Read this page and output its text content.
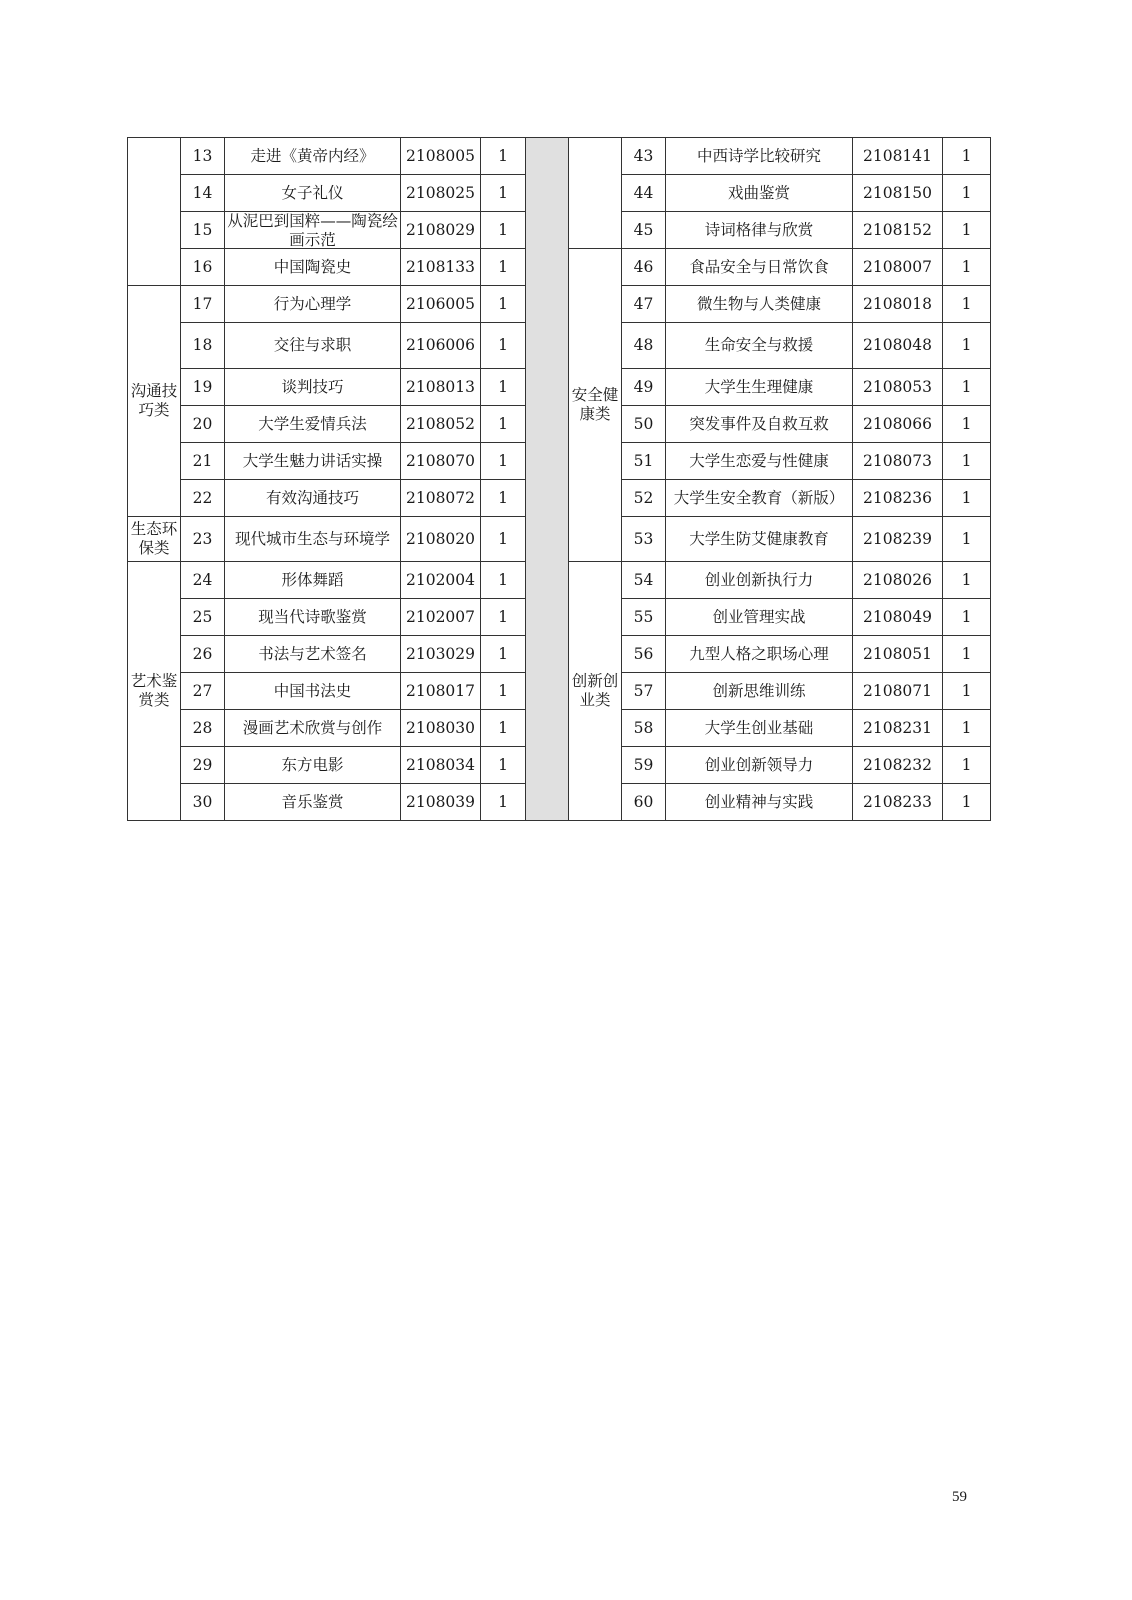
	13	走进《黄帝内经》	2108005	1			43	中西诗学比较研究	2108141	1
	14	女子礼仪	2108025	1			44	戏曲鉴赏	2108150	1
	15	从泥巴到国粹——陶瓷绘画示范	2108029	1			45	诗词格律与欣赏	2108152	1
	16	中国陶瓷史	2108133	1		安全健康类	46	食品安全与日常饮食	2108007	1
沟通技巧类	17	行为心理学	2106005	1			47	微生物与人类健康	2108018	1
	18	交往与求职	2106006	1			48	生命安全与救援	2108048	1
	19	谈判技巧	2108013	1			49	大学生生理健康	2108053	1
	20	大学生爱情兵法	2108052	1			50	突发事件及自救互救	2108066	1
	21	大学生魅力讲话实操	2108070	1			51	大学生恋爱与性健康	2108073	1
	22	有效沟通技巧	2108072	1			52	大学生安全教育（新版）	2108236	1
生态环保类	23	现代城市生态与环境学	2108020	1			53	大学生防艾健康教育	2108239	1
艺术鉴赏类	24	形体舞蹈	2102004	1		创新创业类	54	创业创新执行力	2108026	1
	25	现当代诗歌鉴赏	2102007	1			55	创业管理实战	2108049	1
	26	书法与艺术签名	2103029	1			56	九型人格之职场心理	2108051	1
	27	中国书法史	2108017	1			57	创新思维训练	2108071	1
	28	漫画艺术欣赏与创作	2108030	1			58	大学生创业基础	2108231	1
	29	东方电影	2108034	1			59	创业创新领导力	2108232	1
	30	音乐鉴赏	2108039	1			60	创业精神与实践	2108233	1
59
